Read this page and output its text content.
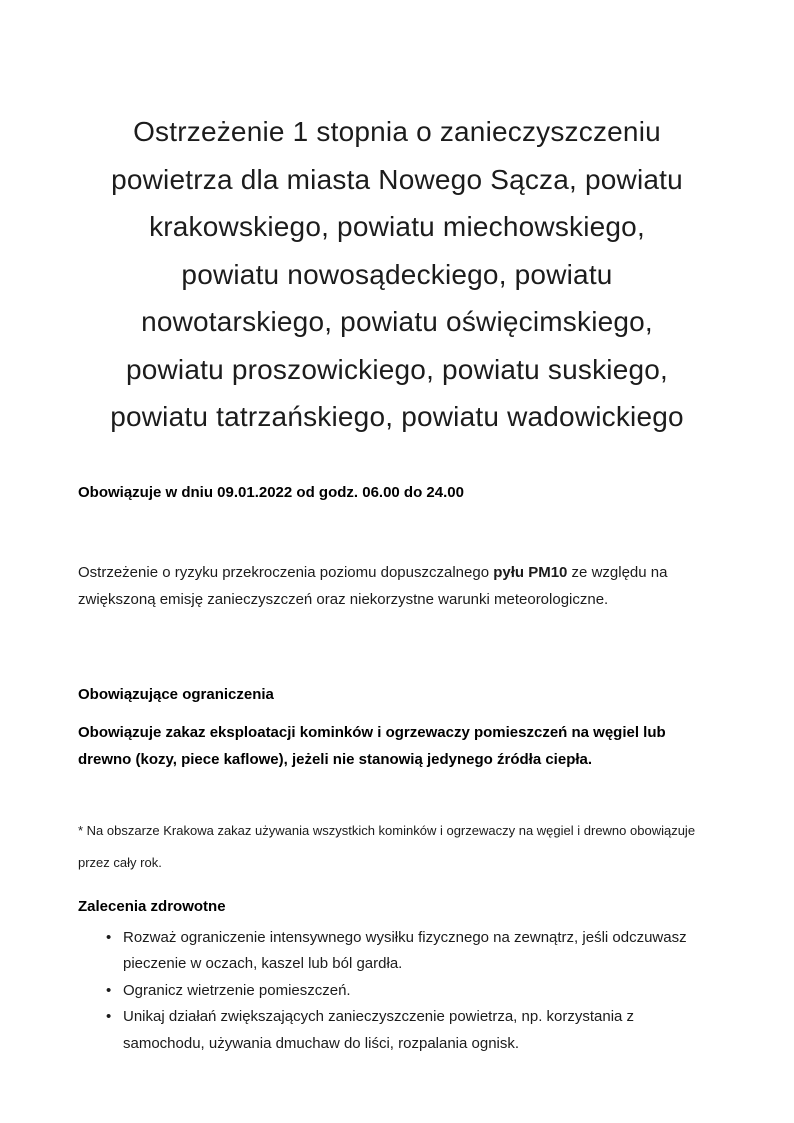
Ostrzeżenie 1 stopnia o zanieczyszczeniu
powietrza dla miasta Nowego Sącza, powiatu
krakowskiego, powiatu miechowskiego,
powiatu nowosądeckiego, powiatu
nowotarskiego, powiatu oświęcimskiego,
powiatu proszowickiego, powiatu suskiego,
powiatu tatrzańskiego, powiatu wadowickiego

Obowiązuje w dniu 09.01.2022 od godz. 06.00 do 24.00

Ostrzeżenie o ryzyku przekroczenia poziomu dopuszczalnego pyłu PM10 ze względu na zwiększoną emisję zanieczyszczeń oraz niekorzystne warunki meteorologiczne.

Obowiązujące ograniczenia

Obowiązuje zakaz eksploatacji kominków i ogrzewaczy pomieszczeń na węgiel lub drewno (kozy, piece kaflowe), jeżeli nie stanowią jedynego źródła ciepła.

* Na obszarze Krakowa zakaz używania wszystkich kominków i ogrzewaczy na węgiel i drewno obowiązuje przez cały rok.

Zalecenia zdrowotne

• Rozważ ograniczenie intensywnego wysiłku fizycznego na zewnątrz, jeśli odczuwasz pieczenie w oczach, kaszel lub ból gardła.
• Ogranicz wietrzenie pomieszczeń.
• Unikaj działań zwiększających zanieczyszczenie powietrza, np. korzystania z samochodu, używania dmuchaw do liści, rozpalania ognisk.
